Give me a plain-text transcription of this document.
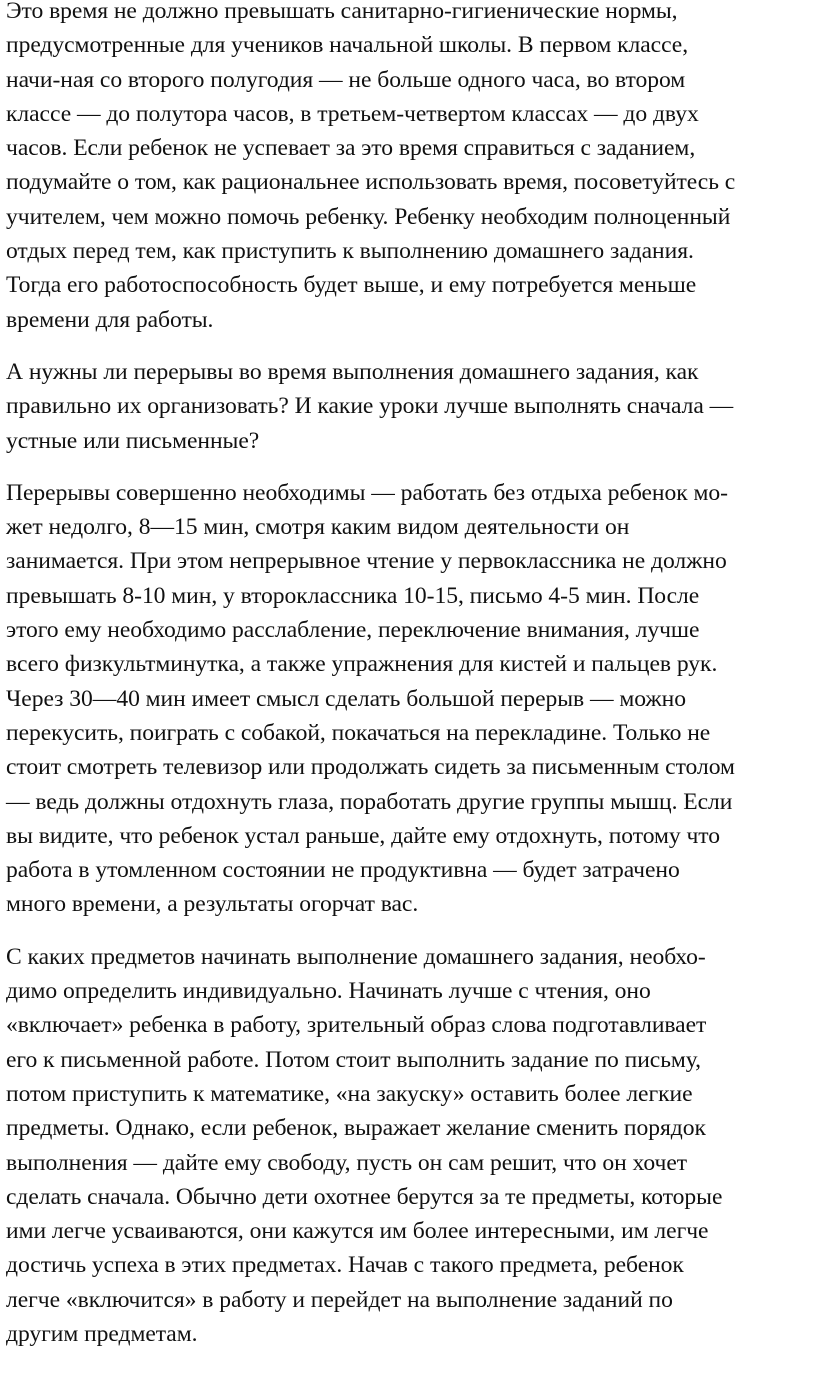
Это время не должно превышать санитарно-гигиенические нормы,
предусмотренные для учеников начальной школы. В первом классе,
начи-ная со второго полугодия — не больше одного часа, во втором
классе — до полутора часов, в третьем-четвертом классах — до двух
часов. Если ребенок не успевает за это время справиться с заданием,
подумайте о том, как рациональнее использовать время, посоветуйтесь с
учителем, чем можно помочь ребенку. Ребенку необходим полноценный
отдых перед тем, как приступить к выполнению домашнего задания.
Тогда его работоспособность будет выше, и ему потребуется меньше
времени для работы.

А нужны ли перерывы во время выполнения домашнего задания, как
правильно их организовать? И какие уроки лучше выполнять сначала —
устные или письменные?

Перерывы совершенно необходимы — работать без отдыха ребенок мо-
жет недолго, 8—15 мин, смотря каким видом деятельности он
занимается. При этом непрерывное чтение у первоклассника не должно
превышать 8-10 мин, у второклассника 10-15, письмо 4-5 мин. После
этого ему необходимо расслабление, переключение внимания, лучше
всего физкультминутка, а также упражнения для кистей и пальцев рук.
Через 30—40 мин имеет смысл сделать большой перерыв — можно
перекусить, поиграть с собакой, покачаться на перекладине. Только не
стоит смотреть телевизор или продолжать сидеть за письменным столом
— ведь должны отдохнуть глаза, поработать другие группы мышц. Если
вы видите, что ребенок устал раньше, дайте ему отдохнуть, потому что
работа в утомленном состоянии не продуктивна — будет затрачено
много времени, а результаты огорчат вас.

С каких предметов начинать выполнение домашнего задания, необхо-
димо определить индивидуально. Начинать лучше с чтения, оно
«включает» ребенка в работу, зрительный образ слова подготавливает
его к письменной работе. Потом стоит выполнить задание по письму,
потом приступить к математике, «на закуску» оставить более легкие
предметы. Однако, если ребенок, выражает желание сменить порядок
выполнения — дайте ему свободу, пусть он сам решит, что он хочет
сделать сначала. Обычно дети охотнее берутся за те предметы, которые
ими легче усваиваются, они кажутся им более интересными, им легче
достичь успеха в этих предметах. Начав с такого предмета, ребенок
легче «включится» в работу и перейдет на выполнение заданий по
другим предметам.
